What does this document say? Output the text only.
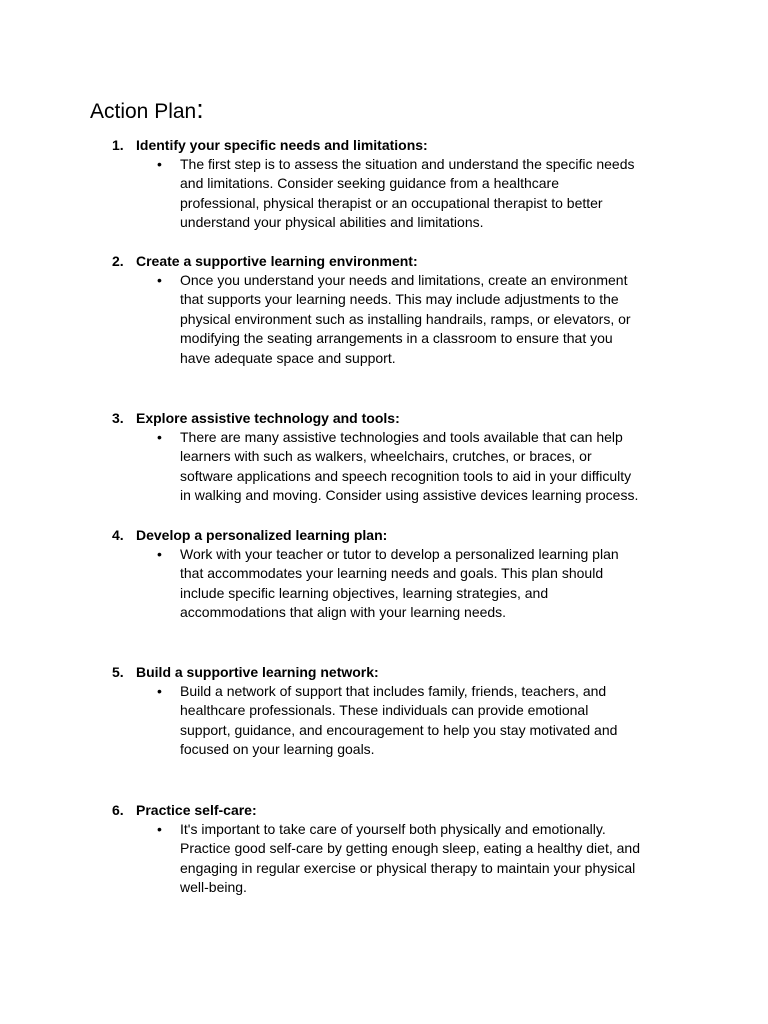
Action Plan:
1. Identify your specific needs and limitations:
• The first step is to assess the situation and understand the specific needs
and limitations. Consider seeking guidance from a healthcare
professional, physical therapist or an occupational therapist to better
understand your physical abilities and limitations.

2. Create a supportive learning environment:
• Once you understand your needs and limitations, create an environment
that supports your learning needs. This may include adjustments to the
physical environment such as installing handrails, ramps, or elevators, or
modifying the seating arrangements in a classroom to ensure that you
have adequate space and support.

3. Explore assistive technology and tools:
• There are many assistive technologies and tools available that can help
learners with such as walkers, wheelchairs, crutches, or braces, or
software applications and speech recognition tools to aid in your difficulty
in walking and moving. Consider using assistive devices learning process.

4. Develop a personalized learning plan:
• Work with your teacher or tutor to develop a personalized learning plan
that accommodates your learning needs and goals. This plan should
include specific learning objectives, learning strategies, and
accommodations that align with your learning needs.

5. Build a supportive learning network:
• Build a network of support that includes family, friends, teachers, and
healthcare professionals. These individuals can provide emotional
support, guidance, and encouragement to help you stay motivated and
focused on your learning goals.

6. Practice self-care:
• It's important to take care of yourself both physically and emotionally.
Practice good self-care by getting enough sleep, eating a healthy diet, and
engaging in regular exercise or physical therapy to maintain your physical
well-being.
